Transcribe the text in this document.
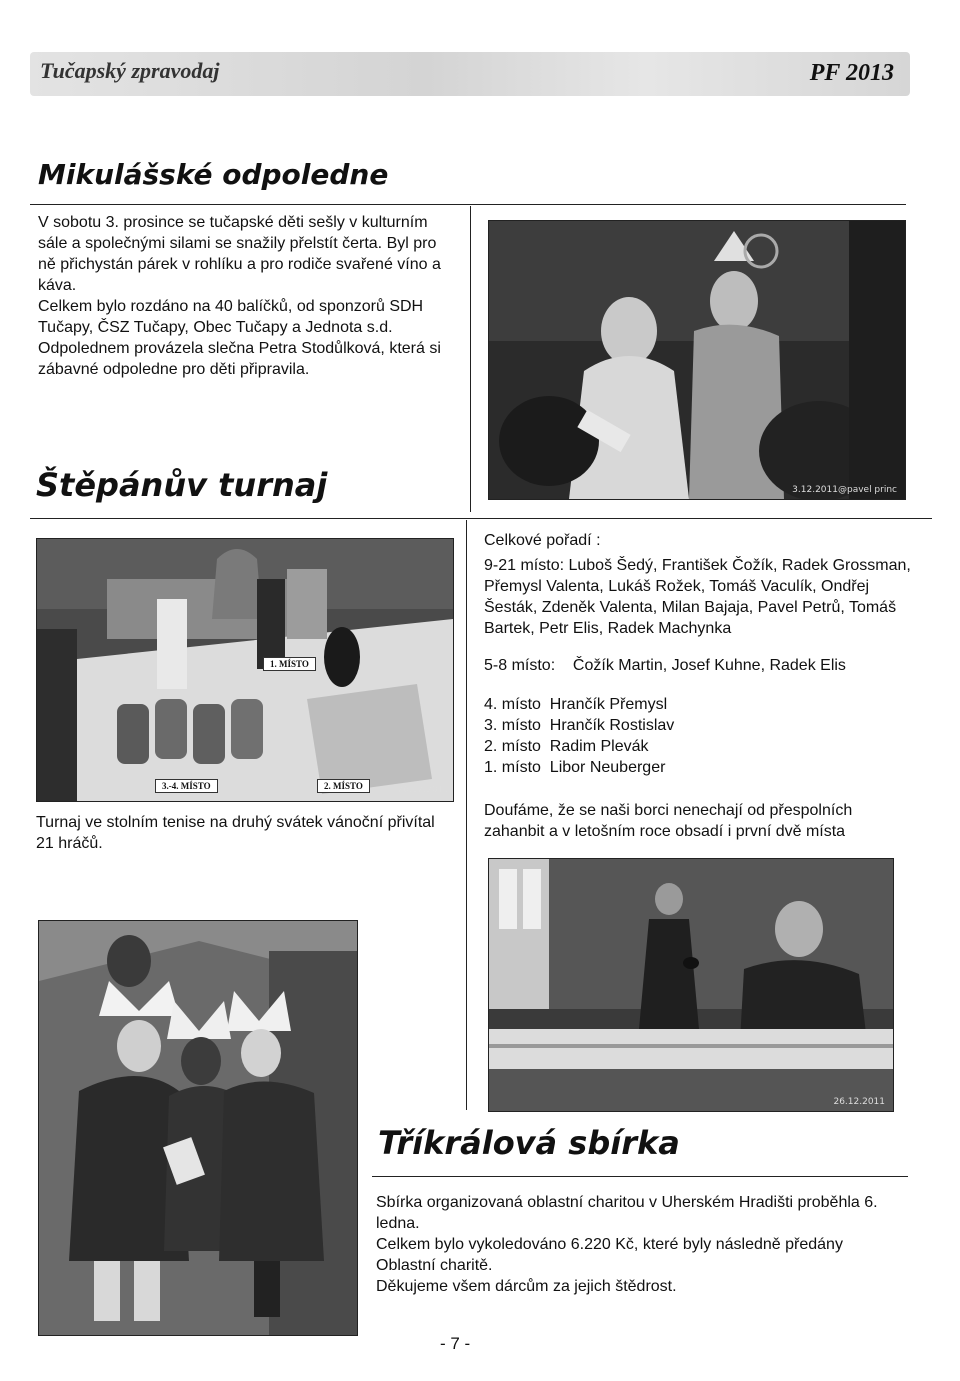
Tučapský zpravodaj	PF 2013
Mikulášské odpoledne

V sobotu 3. prosince se tučapské děti sešly v kulturním sále a společnými silami se snažily přelstít čerta. Byl pro ně přichystán párek v rohlíku a pro rodiče svařené víno a káva.

Celkem bylo rozdáno na 40 balíčků, od sponzorů SDH Tučapy, ČSZ Tučapy, Obec Tučapy a Jednota s.d.

Odpolednem provázela slečna Petra Stodůlková, která si zábavné odpoledne pro děti připravila.

3.12.2011@pavel princ
Štěpánův turnaj
1. MÍSTO
3.-4. MÍSTO	2. MÍSTO	26.12.2011
Turnaj ve stolním tenise na druhý svátek vánoční přivítal 21 hráčů.

Celkové pořadí :

9-21 místo: Luboš Šedý, František Čožík, Radek Grossman, Přemysl Valenta, Lukáš Rožek, Tomáš Vaculík, Ondřej Šesták, Zdeněk Valenta, Milan Bajaja, Pavel Petrů, Tomáš Bartek, Petr Elis, Radek Machynka

5-8 místo: Čožík Martin, Josef Kuhne, Radek Elis

4. místo Hrančík Přemysl
3. místo Hrančík Rostislav
2. místo Radim Plevák
1. místo Libor Neuberger
Doufáme, že se naši borci nenechají od přespolních zahanbit a v letošním roce obsadí i první dvě místa
26.12.2011
Tříkrálová sbírka

Sbírka organizovaná oblastní charitou v Uherském Hradišti proběhla 6. ledna.

Celkem bylo vykoledováno 6.220 Kč, které byly následně předány Oblastní charitě.

Děkujeme všem dárcům za jejich štědrost.

- 7 -
